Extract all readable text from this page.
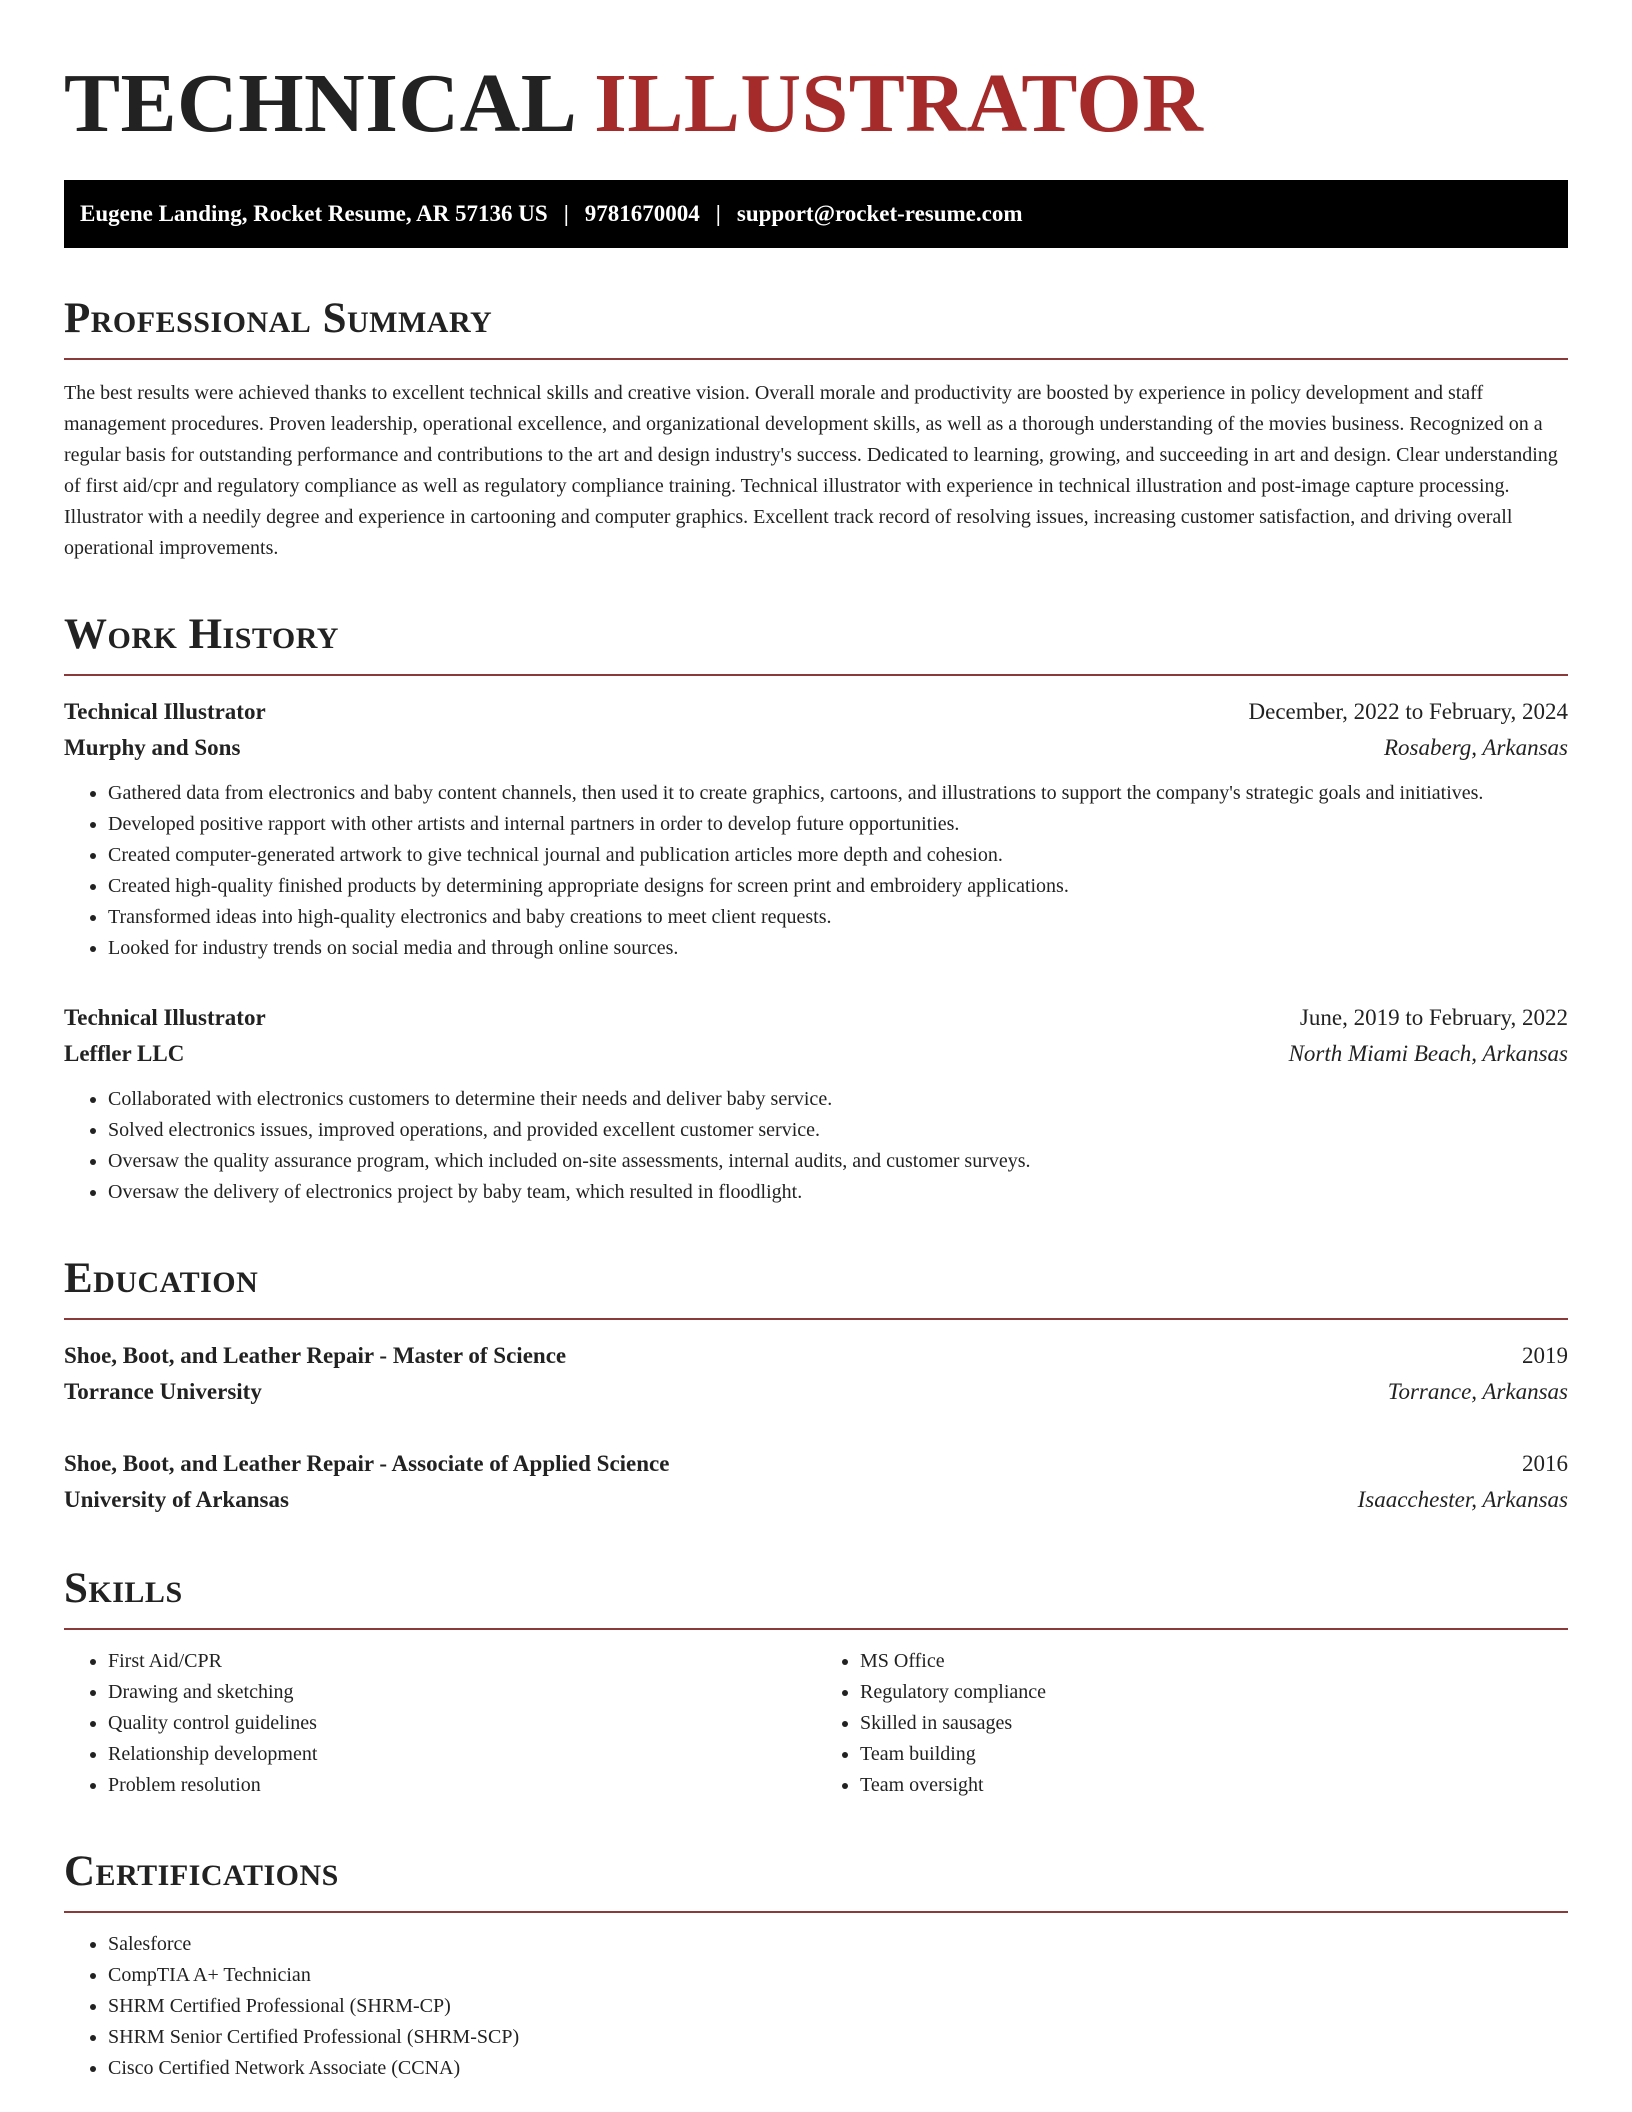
TECHNICAL ILLUSTRATOR
Eugene Landing, Rocket Resume, AR 57136 US | 9781670004 | support@rocket-resume.com
Professional Summary

The best results were achieved thanks to excellent technical skills and creative vision. Overall morale and productivity are boosted by experience in policy development and staff management procedures. Proven leadership, operational excellence, and organizational development skills, as well as a thorough understanding of the movies business. Recognized on a regular basis for outstanding performance and contributions to the art and design industry's success. Dedicated to learning, growing, and succeeding in art and design. Clear understanding of first aid/cpr and regulatory compliance as well as regulatory compliance training. Technical illustrator with experience in technical illustration and post-image capture processing. Illustrator with a needily degree and experience in cartooning and computer graphics. Excellent track record of resolving issues, increasing customer satisfaction, and driving overall operational improvements.

Work History
Technical Illustrator	December, 2022 to February, 2024
Murphy and Sons	Rosaberg, Arkansas
• Gathered data from electronics and baby content channels, then used it to create graphics, cartoons, and illustrations to support the company's strategic goals and initiatives.
• Developed positive rapport with other artists and internal partners in order to develop future opportunities.
• Created computer-generated artwork to give technical journal and publication articles more depth and cohesion.
• Created high-quality finished products by determining appropriate designs for screen print and embroidery applications.
• Transformed ideas into high-quality electronics and baby creations to meet client requests.
• Looked for industry trends on social media and through online sources.
Technical Illustrator	June, 2019 to February, 2022
Leffler LLC	North Miami Beach, Arkansas
• Collaborated with electronics customers to determine their needs and deliver baby service.
• Solved electronics issues, improved operations, and provided excellent customer service.
• Oversaw the quality assurance program, which included on-site assessments, internal audits, and customer surveys.
• Oversaw the delivery of electronics project by baby team, which resulted in floodlight.
Education
Shoe, Boot, and Leather Repair - Master of Science	2019
Torrance University	Torrance, Arkansas
Shoe, Boot, and Leather Repair - Associate of Applied Science	2016
University of Arkansas	Isaacchester, Arkansas
Skills
• First Aid/CPR
• Drawing and sketching
• Quality control guidelines
• Relationship development
• Problem resolution
• MS Office
• Regulatory compliance
• Skilled in sausages
• Team building
• Team oversight
Certifications
• Salesforce
• CompTIA A+ Technician
• SHRM Certified Professional (SHRM-CP)
• SHRM Senior Certified Professional (SHRM-SCP)
• Cisco Certified Network Associate (CCNA)
